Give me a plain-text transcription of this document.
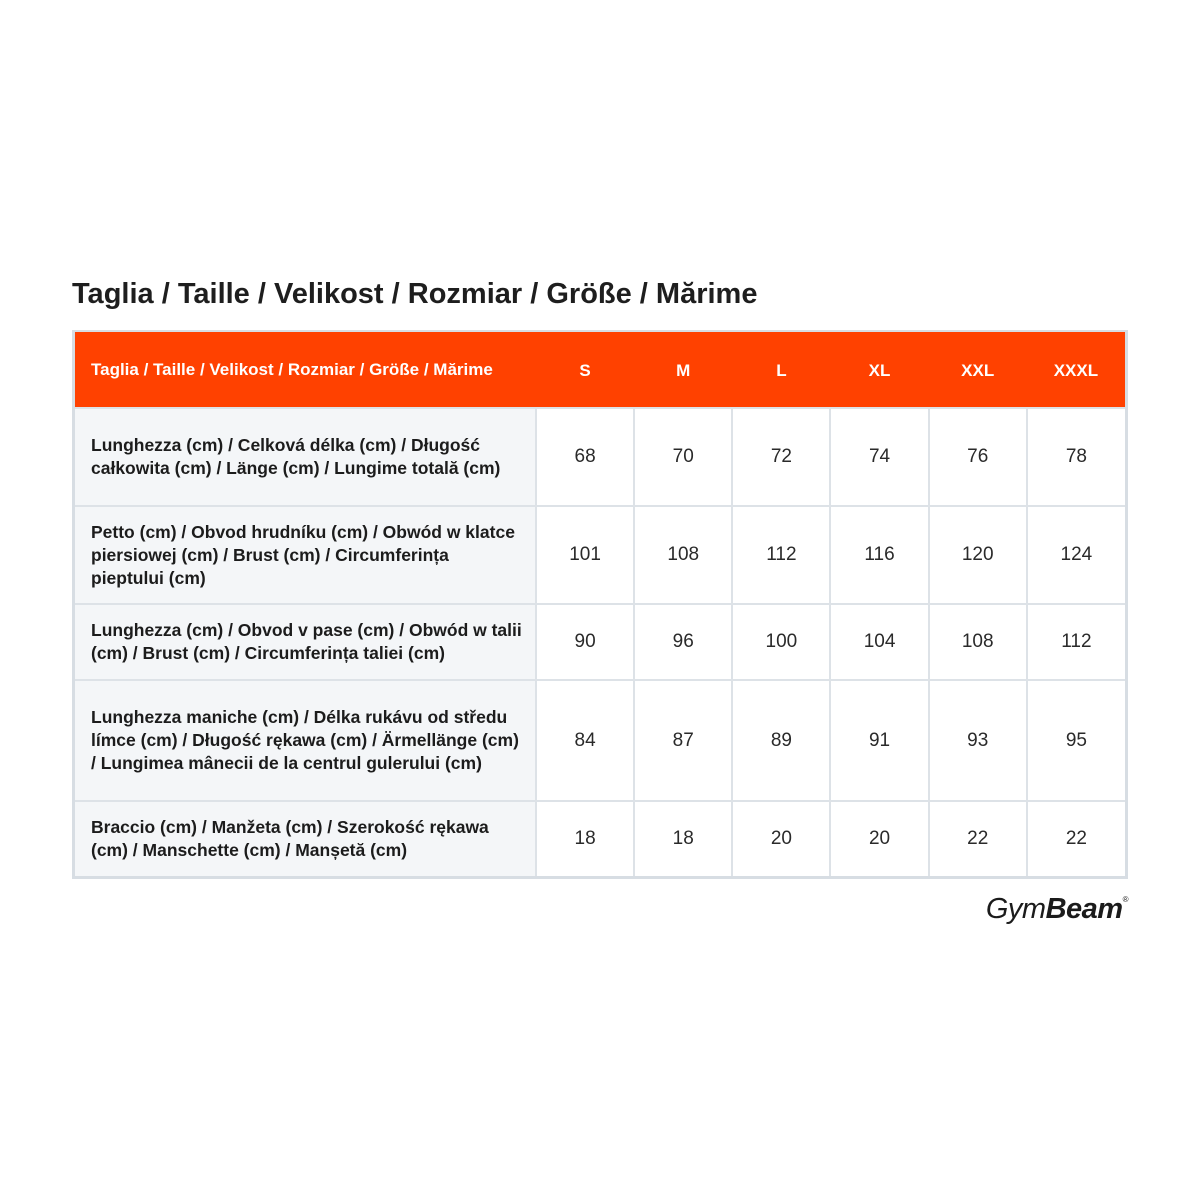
Taglia / Taille / Velikost / Rozmiar / Größe / Mărime
Taglia / Taille / Velikost / Rozmiar / Größe / Mărime	S	M	L	XL	XXL	XXXL
Lunghezza (cm) / Celková délka (cm) / Długość całkowita (cm) / Länge (cm) / Lungime totală (cm)	68	70	72	74	76	78
Petto (cm) / Obvod hrudníku (cm) / Obwód w klatce piersiowej (cm) / Brust (cm) / Circumferința pieptului (cm)	101	108	112	116	120	124
Lunghezza (cm) / Obvod v pase (cm) / Obwód w talii (cm) / Brust (cm) / Circumferința taliei (cm)	90	96	100	104	108	112
Lunghezza maniche (cm) / Délka rukávu od středu límce (cm) / Długość rękawa (cm) / Ärmellänge (cm) / Lungimea mânecii de la centrul gulerului (cm)	84	87	89	91	93	95
Braccio (cm) / Manžeta (cm) / Szerokość rękawa (cm) / Manschette (cm) / Manșetă (cm)	18	18	20	20	22	22
GymBeam®
